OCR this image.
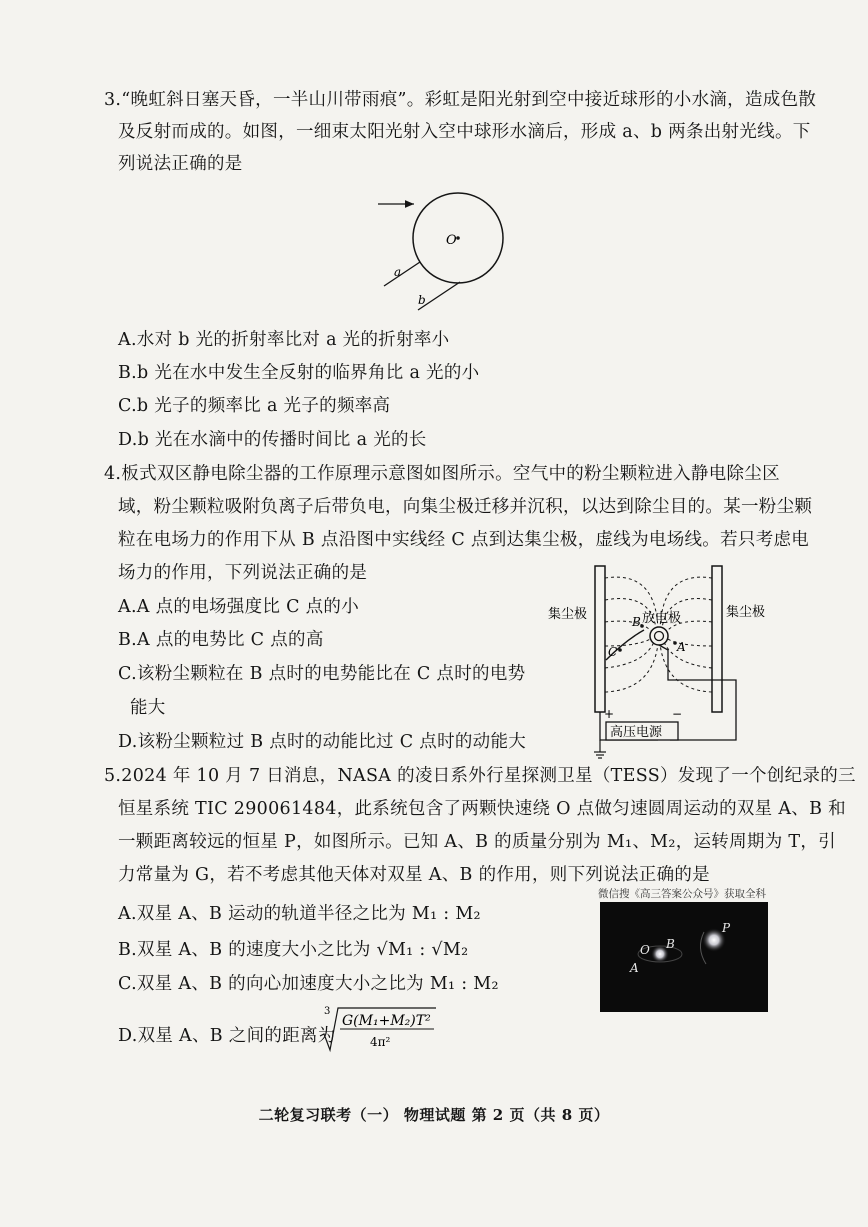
3.“晚虹斜日塞天昏，一半山川带雨痕”。彩虹是阳光射到空中接近球形的小水滴，造成色散
及反射而成的。如图，一细束太阳光射入空中球形水滴后，形成 a、b 两条出射光线。下
列说法正确的是
O
a
b
A.水对 b 光的折射率比对 a 光的折射率小
B.b 光在水中发生全反射的临界角比 a 光的小
C.b 光子的频率比 a 光子的频率高
D.b 光在水滴中的传播时间比 a 光的长
4.板式双区静电除尘器的工作原理示意图如图所示。空气中的粉尘颗粒进入静电除尘区
域，粉尘颗粒吸附负离子后带负电，向集尘极迁移并沉积，以达到除尘目的。某一粉尘颗
粒在电场力的作用下从 B 点沿图中实线经 C 点到达集尘极，虚线为电场线。若只考虑电
场力的作用，下列说法正确的是
A.A 点的电场强度比 C 点的小
B.A 点的电势比 C 点的高
C.该粉尘颗粒在 B 点时的电势能比在 C 点时的电势
能大
D.该粉尘颗粒过 B 点时的动能比过 C 点时的动能大
集尘极	集尘极
放电极
A
B
C
+	−
高压电源
5.2024 年 10 月 7 日消息，NASA 的凌日系外行星探测卫星（TESS）发现了一个创纪录的三
恒星系统 TIC 290061484，此系统包含了两颗快速绕 O 点做匀速圆周运动的双星 A、B 和
一颗距离较远的恒星 P，如图所示。已知 A、B 的质量分别为 M₁、M₂，运转周期为 T，引
力常量为 G，若不考虑其他天体对双星 A、B 的作用，则下列说法正确的是
微信搜《高三答案公众号》获取全科
A.双星 A、B 运动的轨道半径之比为 M₁ : M₂
B.双星 A、B 的速度大小之比为 √M₁ : √M₂
C.双星 A、B 的向心加速度大小之比为 M₁ : M₂
D.双星 A、B 之间的距离为
3
G(M₁+M₂)T²
4π²
O B
A
P
二轮复习联考（一） 物理试题 第 2 页（共 8 页）
